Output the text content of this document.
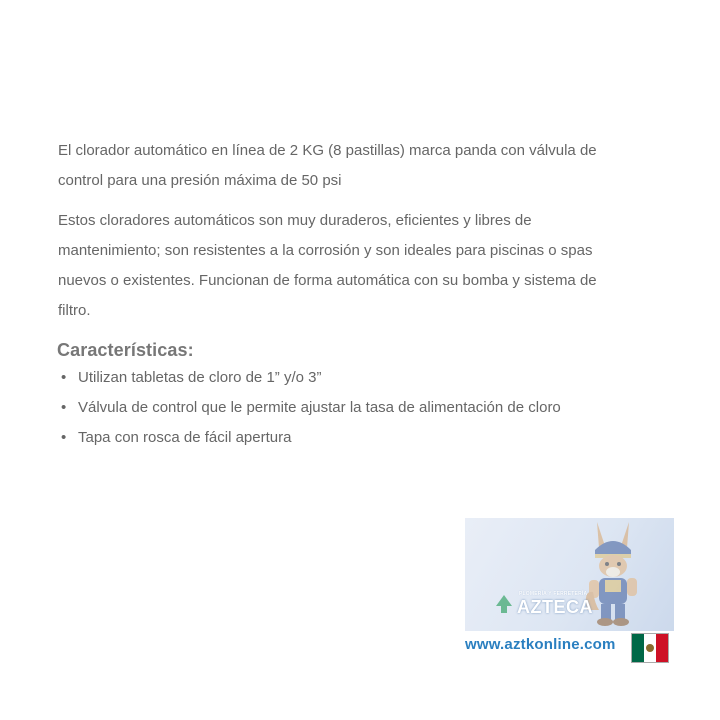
El clorador automático en línea de 2 KG (8 pastillas) marca panda con válvula de control para una presión máxima de 50 psi

Estos cloradores automáticos son muy duraderos, eficientes y libres de mantenimiento; son resistentes a la corrosión y son ideales para piscinas o spas nuevos o existentes. Funcionan de forma automática con su bomba y sistema de filtro.

Características:
• Utilizan tabletas de cloro de 1” y/o 3”
• Válvula de control que le permite ajustar la tasa de alimentación de cloro
• Tapa con rosca de fácil apertura
PLOMERÍA Y FERRETERÍA
AZTECA
www.aztkonline.com
